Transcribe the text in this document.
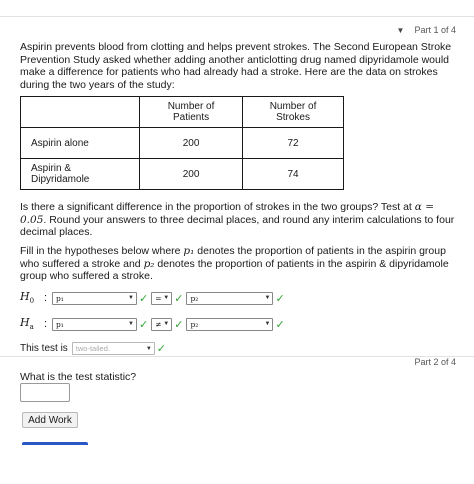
▼ Part 1 of 4
Aspirin prevents blood from clotting and helps prevent strokes. The Second European Stroke Prevention Study asked whether adding another anticlotting drug named dipyridamole would make a difference for patients who had already had a stroke. Here are the data on strokes during the two years of the study:
	Number of Patients	Number of Strokes
Aspirin alone	200	72
Aspirin & Dipyridamole	200	74
Is there a significant difference in the proportion of strokes in the two groups? Test at α = 0.05. Round your answers to three decimal places, and round any interim calculations to four decimal places.
Fill in the hypotheses below where p₁ denotes the proportion of patients in the aspirin group who suffered a stroke and p₂ denotes the proportion of patients in the aspirin & dipyridamole group who suffered a stroke.
$H_0$ :	p₁	▼ ✓ = ▼ ✓ p₂	▼ ✓
$H_a$ :	p₁	▼ ✓ ≠ ▼ ✓ p₂	▼ ✓
This test is two-tailed.	▼ ✓
Part 2 of 4
What is the test statistic?
Add Work
